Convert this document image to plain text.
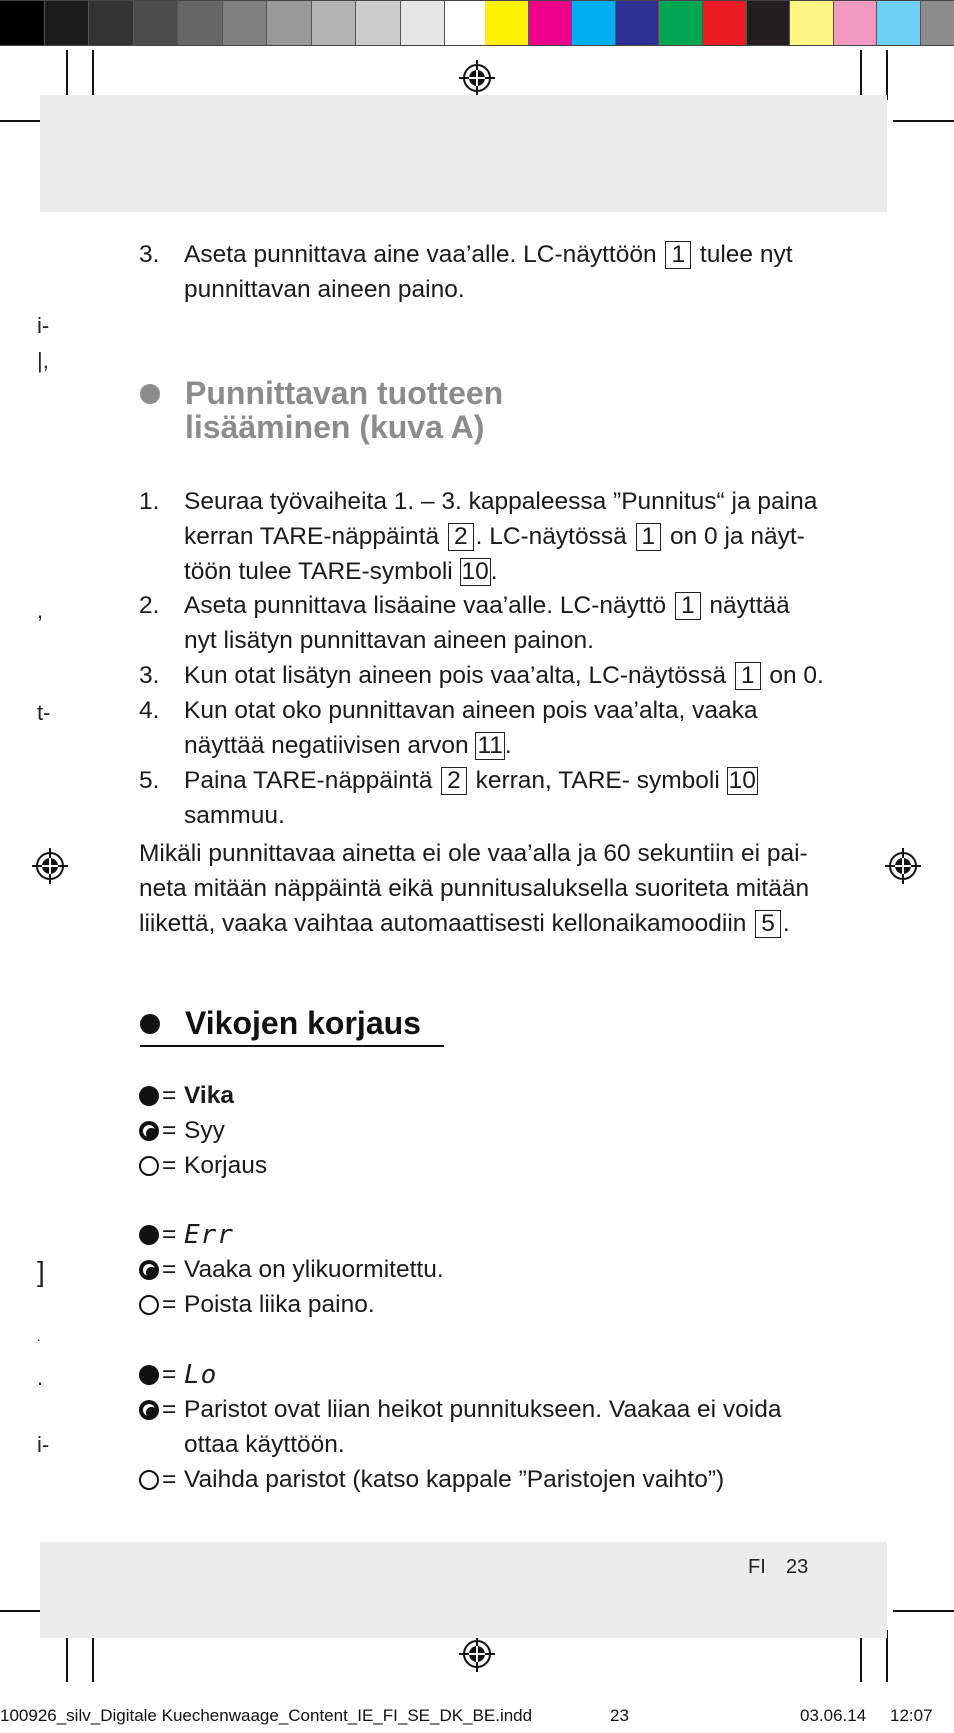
i-
|,
,
t-
]
.
.
i-
3. Aseta punnittava aine vaa’alle. LC-näyttöön 1 tulee nyt
punnittavan aineen paino.
Punnittavan tuotteen
lisääminen (kuva A)
1. Seuraa työvaiheita 1. – 3. kappaleessa ”Punnitus“ ja paina
kerran TARE-näppäintä 2 . LC-näytössä 1 on 0 ja näyt-
töön tulee TARE-symboli 10.
2. Aseta punnittava lisäaine vaa’alle. LC-näyttö 1 näyttää
nyt lisätyn punnittavan aineen painon.
3. Kun otat lisätyn aineen pois vaa’alta, LC-näytössä 1 on 0.
4. Kun otat oko punnittavan aineen pois vaa’alta, vaaka
näyttää negatiivisen arvon 11.
5. Paina TARE-näppäintä 2 kerran, TARE- symboli 10 sammuu.
Mikäli punnittavaa ainetta ei ole vaa’alla ja 60 sekuntiin ei pai-
neta mitään näppäintä eikä punnitusaluksella suoriteta mitään
liikettä, vaaka vaihtaa automaattisesti kellonaikamoodiin 5 .
Vikojen korjaus
= Vika
= Syy
= Korjaus
= Err
= Vaaka on ylikuormitettu.
= Poista liika paino.
= Lo
= Paristot ovat liian heikot punnitukseen. Vaakaa ei voida
ottaa käyttöön.
= Vaihda paristot (katso kappale ”Paristojen vaihto”)
FI 23
100926_silv_Digitale Kuechenwaage_Content_IE_FI_SE_DK_BE.indd	23	03.06.14 12:07
